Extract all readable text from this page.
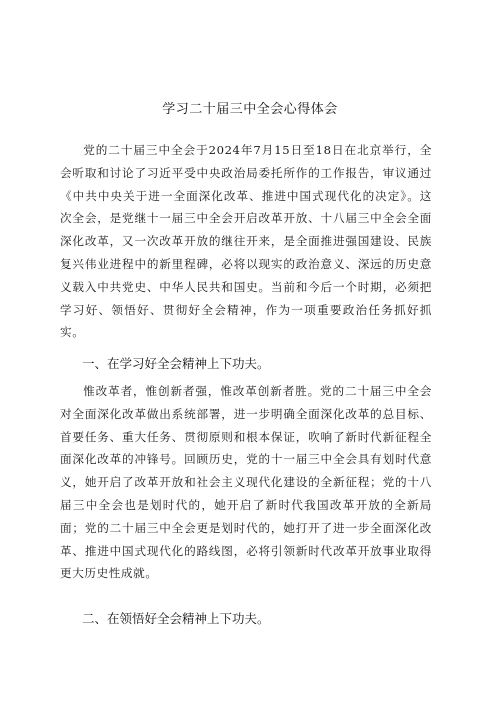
学习二十届三中全会心得体会

党的二十届三中全会于2024年7月15日至18日在北京举行，全会听取和讨论了习近平受中央政治局委托所作的工作报告，审议通过《中共中央关于进一全面深化改革、推进中国式现代化的决定》。这次全会，是党继十一届三中全会开启改革开放、十八届三中全会全面深化改革，又一次改革开放的继往开来，是全面推进强国建设、民族复兴伟业进程中的新里程碑，必将以现实的政治意义、深远的历史意义载入中共党史、中华人民共和国史。当前和今后一个时期，必须把学习好、领悟好、贯彻好全会精神，作为一项重要政治任务抓好抓实。

一、在学习好全会精神上下功夫。

惟改革者，惟创新者强，惟改革创新者胜。党的二十届三中全会对全面深化改革做出系统部署，进一步明确全面深化改革的总目标、首要任务、重大任务、贯彻原则和根本保证，吹响了新时代新征程全面深化改革的冲锋号。回顾历史，党的十一届三中全会具有划时代意义，她开启了改革开放和社会主义现代化建设的全新征程；党的十八届三中全会也是划时代的，她开启了新时代我国改革开放的全新局面；党的二十届三中全会更是划时代的，她打开了进一步全面深化改革、推进中国式现代化的路线图，必将引领新时代改革开放事业取得更大历史性成就。

二、在领悟好全会精神上下功夫。
